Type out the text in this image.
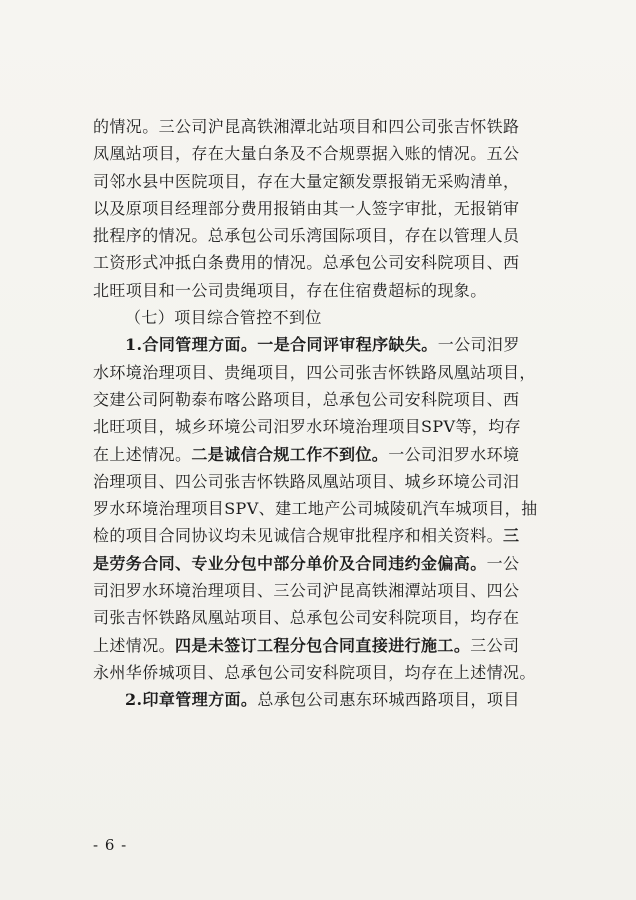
的情况。三公司沪昆高铁湘潭北站项目和四公司张吉怀铁路
凤凰站项目，存在大量白条及不合规票据入账的情况。五公
司邻水县中医院项目，存在大量定额发票报销无采购清单，
以及原项目经理部分费用报销由其一人签字审批，无报销审
批程序的情况。总承包公司乐湾国际项目，存在以管理人员
工资形式冲抵白条费用的情况。总承包公司安科院项目、西
北旺项目和一公司贵绳项目，存在住宿费超标的现象。
（七）项目综合管控不到位
1.合同管理方面。一是合同评审程序缺失。一公司汨罗
水环境治理项目、贵绳项目，四公司张吉怀铁路凤凰站项目，
交建公司阿勒泰布喀公路项目，总承包公司安科院项目、西
北旺项目，城乡环境公司汨罗水环境治理项目SPV等，均存
在上述情况。二是诚信合规工作不到位。一公司汨罗水环境
治理项目、四公司张吉怀铁路凤凰站项目、城乡环境公司汨
罗水环境治理项目SPV、建工地产公司城陵矶汽车城项目，抽
检的项目合同协议均未见诚信合规审批程序和相关资料。三
是劳务合同、专业分包中部分单价及合同违约金偏高。一公
司汨罗水环境治理项目、三公司沪昆高铁湘潭站项目、四公
司张吉怀铁路凤凰站项目、总承包公司安科院项目，均存在
上述情况。四是未签订工程分包合同直接进行施工。三公司
永州华侨城项目、总承包公司安科院项目，均存在上述情况。
2.印章管理方面。总承包公司惠东环城西路项目，项目
- 6 -
